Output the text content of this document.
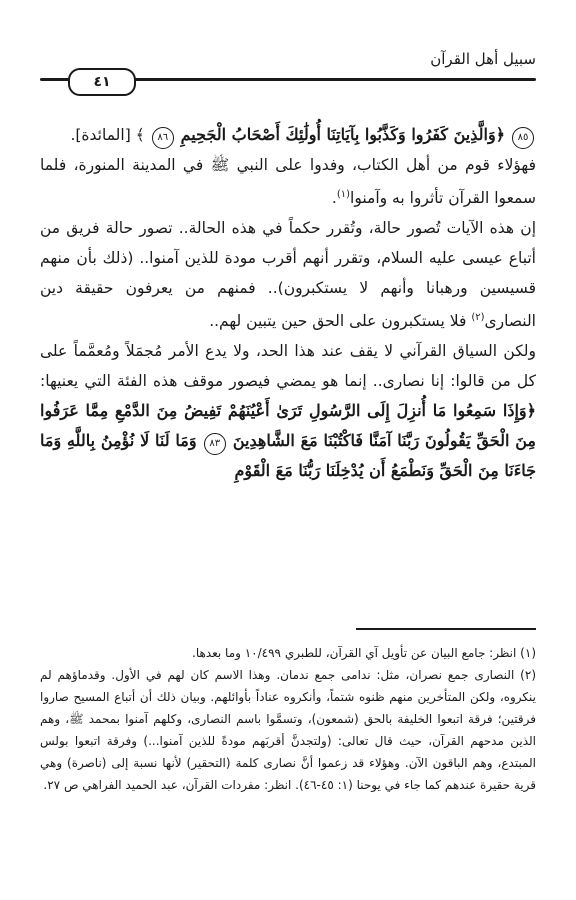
سبيل أهل القرآن
٤١

٨٥ ﴿وَالَّذِينَ كَفَرُوا وَكَذَّبُوا بِآيَاتِنَا أُولَٰئِكَ أَصْحَابُ الْجَحِيمِ ٨٦ ﴾ [المائدة].

فهؤلاء قوم من أهل الكتاب، وفدوا على النبي ﷺ في المدينة المنورة، فلما سمعوا القرآن تأثروا به وآمنوا$^{(١)}$.

إن هذه الآيات تُصور حالة، وتُقرر حكماً في هذه الحالة.. تصور حالة فريق من أتباع عيسى عليه السلام، وتقرر أنهم أقرب مودة للذين آمنوا.. (ذلك بأن منهم قسيسين ورهبانا وأنهم لا يستكبرون).. فمنهم من يعرفون حقيقة دين النصارى$^{(٢)}$ فلا يستكبرون على الحق حين يتبين لهم..

ولكن السياق القرآني لا يقف عند هذا الحد، ولا يدع الأمر مُجمَلاً ومُعمَّماً على كل من قالوا: إنا نصارى.. إنما هو يمضي فيصور موقف هذه الفئة التي يعنيها: ﴿وَإِذَا سَمِعُوا مَا أُنزِلَ إِلَى الرَّسُولِ تَرَىٰ أَعْيُنَهُمْ تَفِيضُ مِنَ الدَّمْعِ مِمَّا عَرَفُوا مِنَ الْحَقِّ يَقُولُونَ رَبَّنَا آمَنَّا فَاكْتُبْنَا مَعَ الشَّاهِدِينَ ٨٣ وَمَا لَنَا لَا نُؤْمِنُ بِاللَّهِ وَمَا جَاءَنَا مِنَ الْحَقِّ وَنَطْمَعُ أَن يُدْخِلَنَا رَبُّنَا مَعَ الْقَوْمِ

(١) انظر: جامع البيان عن تأويل آي القرآن، للطبري ١٠/٤٩٩ وما بعدها.

(٢) النصارى جمع نصران، مثل: ندامى جمع ندمان. وهذا الاسم كان لهم في الأول. وقدماؤهم لم ينكروه، ولكن المتأخرين منهم ظنوه شتماً، وأنكروه عناداً بأوائلهم. وبيان ذلك أن أتباع المسيح صاروا فرقتين؛ فرقة اتبعوا الخليفة بالحق (شمعون)، وتسمَّوا باسم النصارى، وكلهم آمنوا بمحمد ﷺ، وهم الذين مدحهم القرآن، حيث قال تعالى: (ولتجدنَّ أقربَهم مودةً للذين آمنوا...) وفرقة اتبعوا بولس المبتدع، وهم الباقون الآن. وهؤلاء قد زعموا أنَّ نصارى كلمة (التحقير) لأنها نسبة إلى (ناصرة) وهي قرية حقيرة عندهم كما جاء في يوحنا (١: ٤٥-٤٦). انظر: مفردات القرآن، عبد الحميد الفراهي ص ٢٧.
